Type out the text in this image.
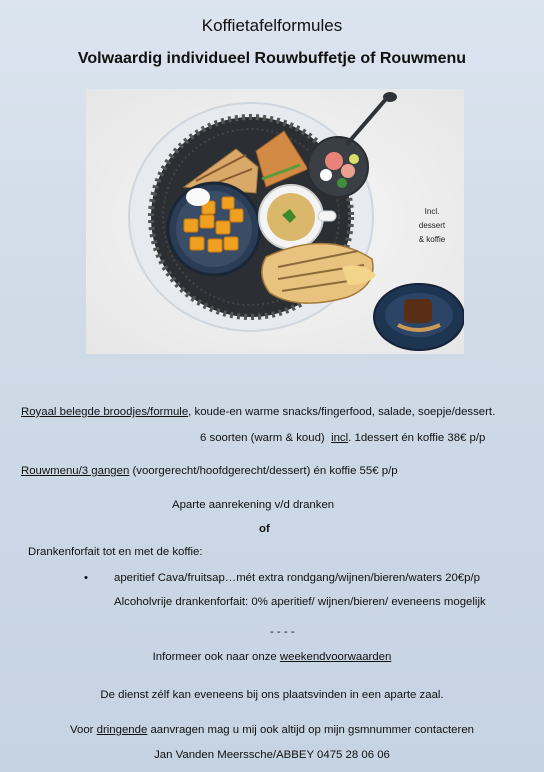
Koffietafelformules
Volwaardig individueel Rouwbuffetje of Rouwmenu
Incl.
dessert
& koffie
Royaal belegde broodjes/formule, koude-en warme snacks/fingerfood, salade, soepje/dessert.
6 soorten (warm & koud) incl. 1dessert én koffie 38€ p/p
Rouwmenu/3 gangen (voorgerecht/hoofdgerecht/dessert) én koffie 55€ p/p
Aparte aanrekening v/d dranken
of
Drankenforfait tot en met de koffie:
• aperitief Cava/fruitsap…mét extra rondgang/wijnen/bieren/waters 20€p/p
Alcoholvrije drankenforfait: 0% aperitief/ wijnen/bieren/ eveneens mogelijk
- - - -
Informeer ook naar onze weekendvoorwaarden
De dienst zélf kan eveneens bij ons plaatsvinden in een aparte zaal.
Voor dringende aanvragen mag u mij ook altijd op mijn gsmnummer contacteren
Jan Vanden Meerssche/ABBEY 0475 28 06 06
